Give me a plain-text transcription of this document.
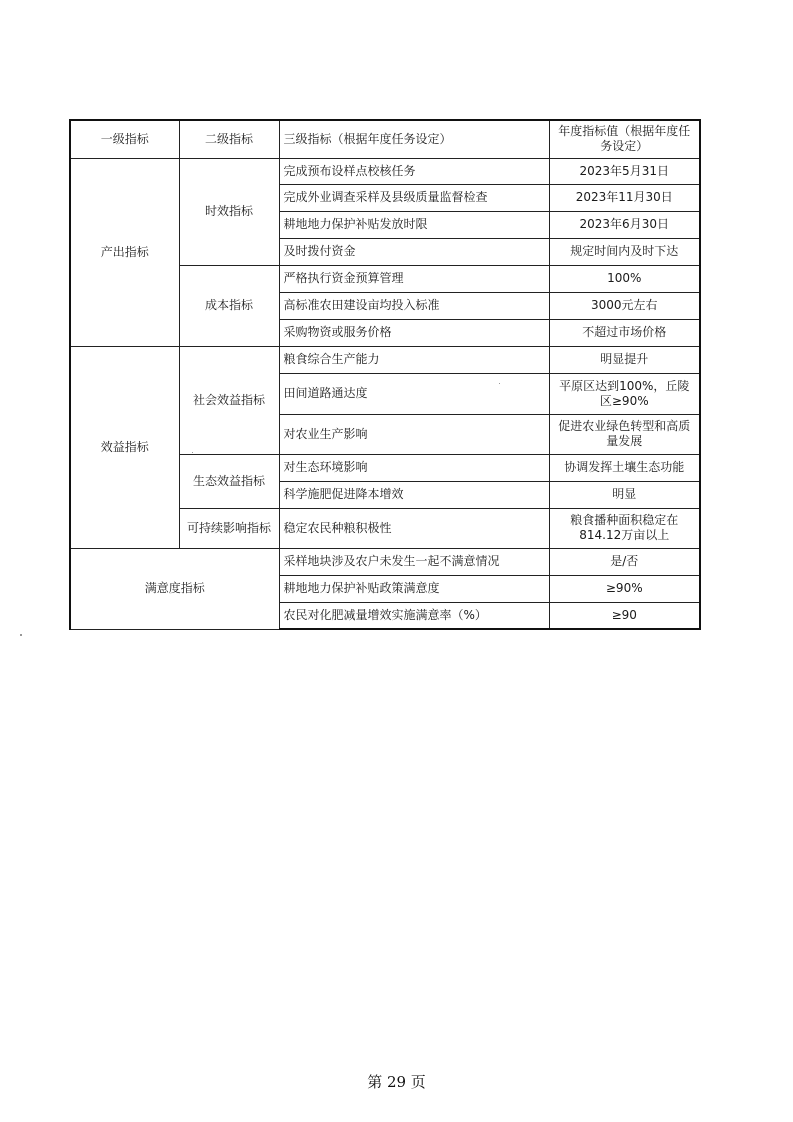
一级指标	二级指标	三级指标（根据年度任务设定）	年度指标值（根据年度任务设定）
产出指标	时效指标	完成预布设样点校核任务	2023年5月31日
		完成外业调查采样及县级质量监督检查	2023年11月30日
		耕地地力保护补贴发放时限	2023年6月30日
		及时拨付资金	规定时间内及时下达
	成本指标	严格执行资金预算管理	100%
		高标准农田建设亩均投入标准	3000元左右
		采购物资或服务价格	不超过市场价格
效益指标	社会效益指标	粮食综合生产能力	明显提升
		田间道路通达度	平原区达到100%，丘陵区≥90%
		对农业生产影响	促进农业绿色转型和高质量发展
	生态效益指标	对生态环境影响	协调发挥土壤生态功能
		科学施肥促进降本增效	明显
	可持续影响指标	稳定农民种粮积极性	粮食播种面积稳定在814.12万亩以上
满意度指标		采样地块涉及农户未发生一起不满意情况	是/否
		耕地地力保护补贴政策满意度	≥90%
		农民对化肥减量增效实施满意率（%）	≥90
第 29 页
